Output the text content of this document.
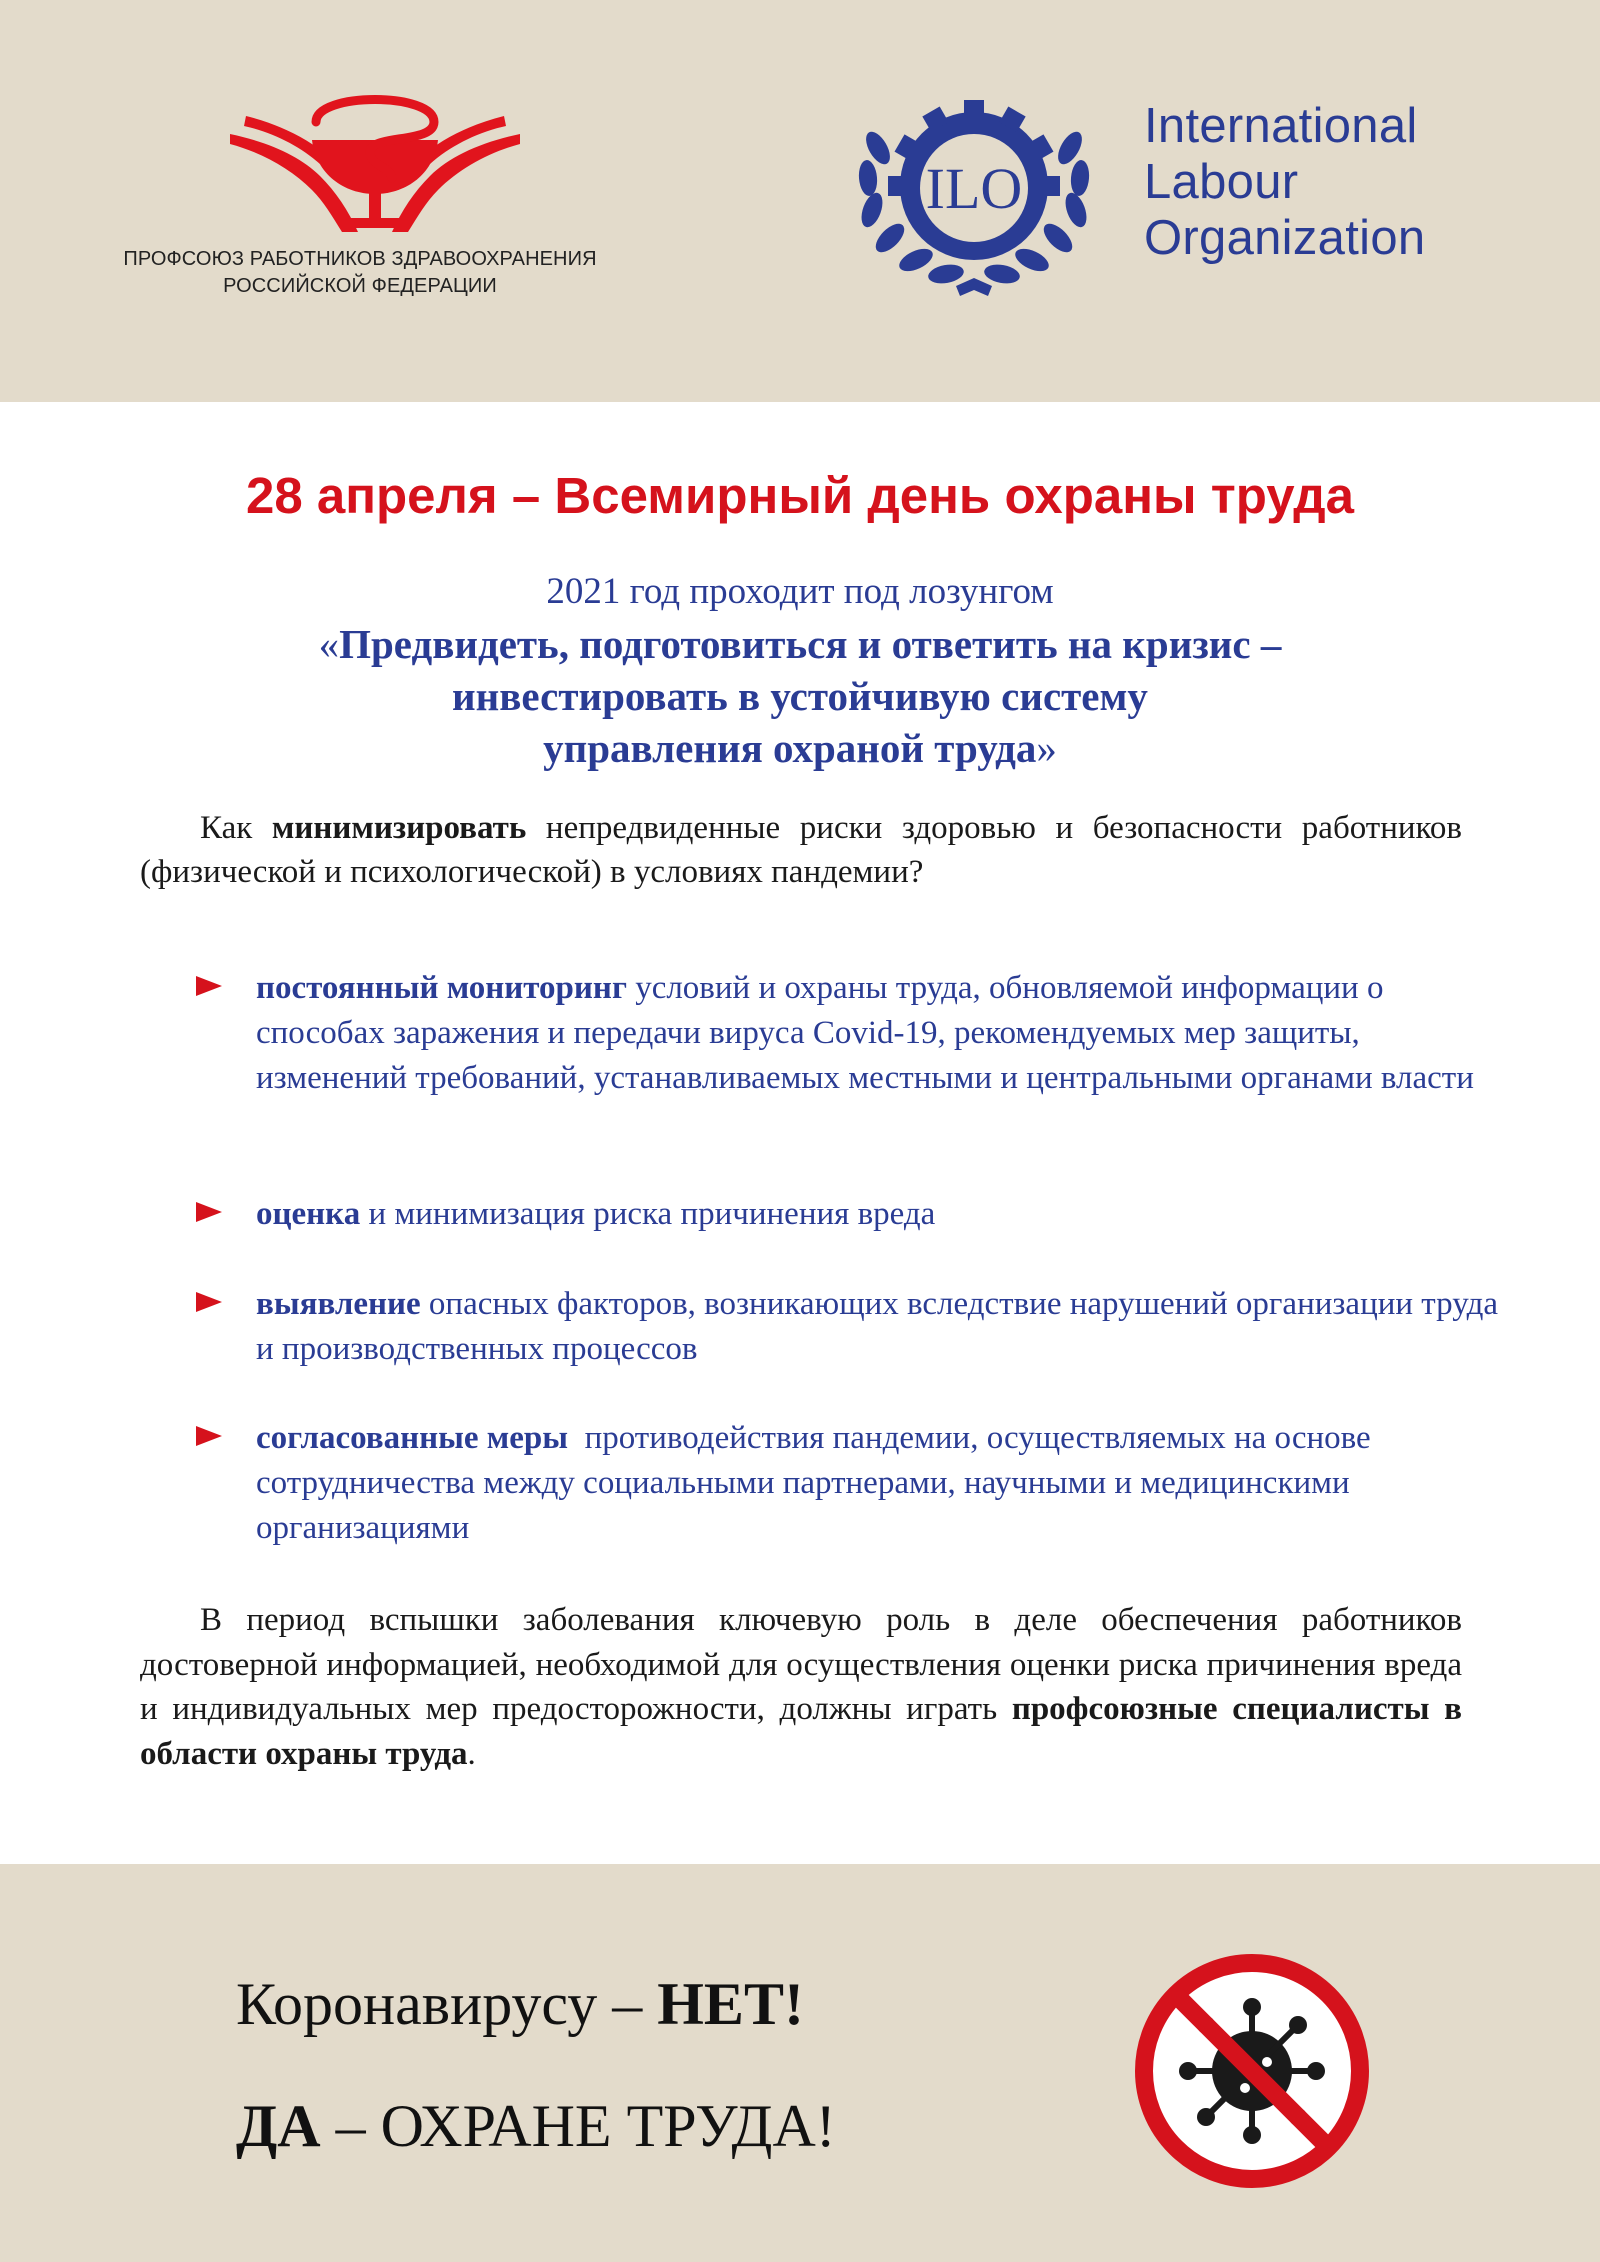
ПРОФСОЮЗ РАБОТНИКОВ ЗДРАВООХРАНЕНИЯ
РОССИЙСКОЙ ФЕДЕРАЦИИ
ILO
International
Labour
Organization
28 апреля – Всемирный день охраны труда
2021 год проходит под лозунгом
«Предвидеть, подготовиться и ответить на кризис –
инвестировать в устойчивую систему
управления охраной труда»
Как минимизировать непредвиденные риски здоровью и безопасности работников (физической и психологической) в условиях пандемии?
постоянный мониторинг условий и охраны труда, обновляемой информации о способах заражения и передачи вируса Covid-19, рекомендуемых мер защиты, изменений требований, устанавливаемых местными и центральными органами власти
оценка и минимизация риска причинения вреда
выявление опасных факторов, возникающих вследствие нарушений организации труда и производственных процессов
согласованные меры  противодействия пандемии, осуществляемых на основе сотрудничества между социальными партнерами, научными и медицинскими организациями
В период вспышки заболевания ключевую роль в деле обеспечения работников достоверной информацией, необходимой для осуществления оценки риска причинения вреда и индивидуальных мер предосторожности, должны играть профсоюзные специалисты в области охраны труда.
Коронавирусу – НЕТ!
ДА – ОХРАНЕ ТРУДА!
